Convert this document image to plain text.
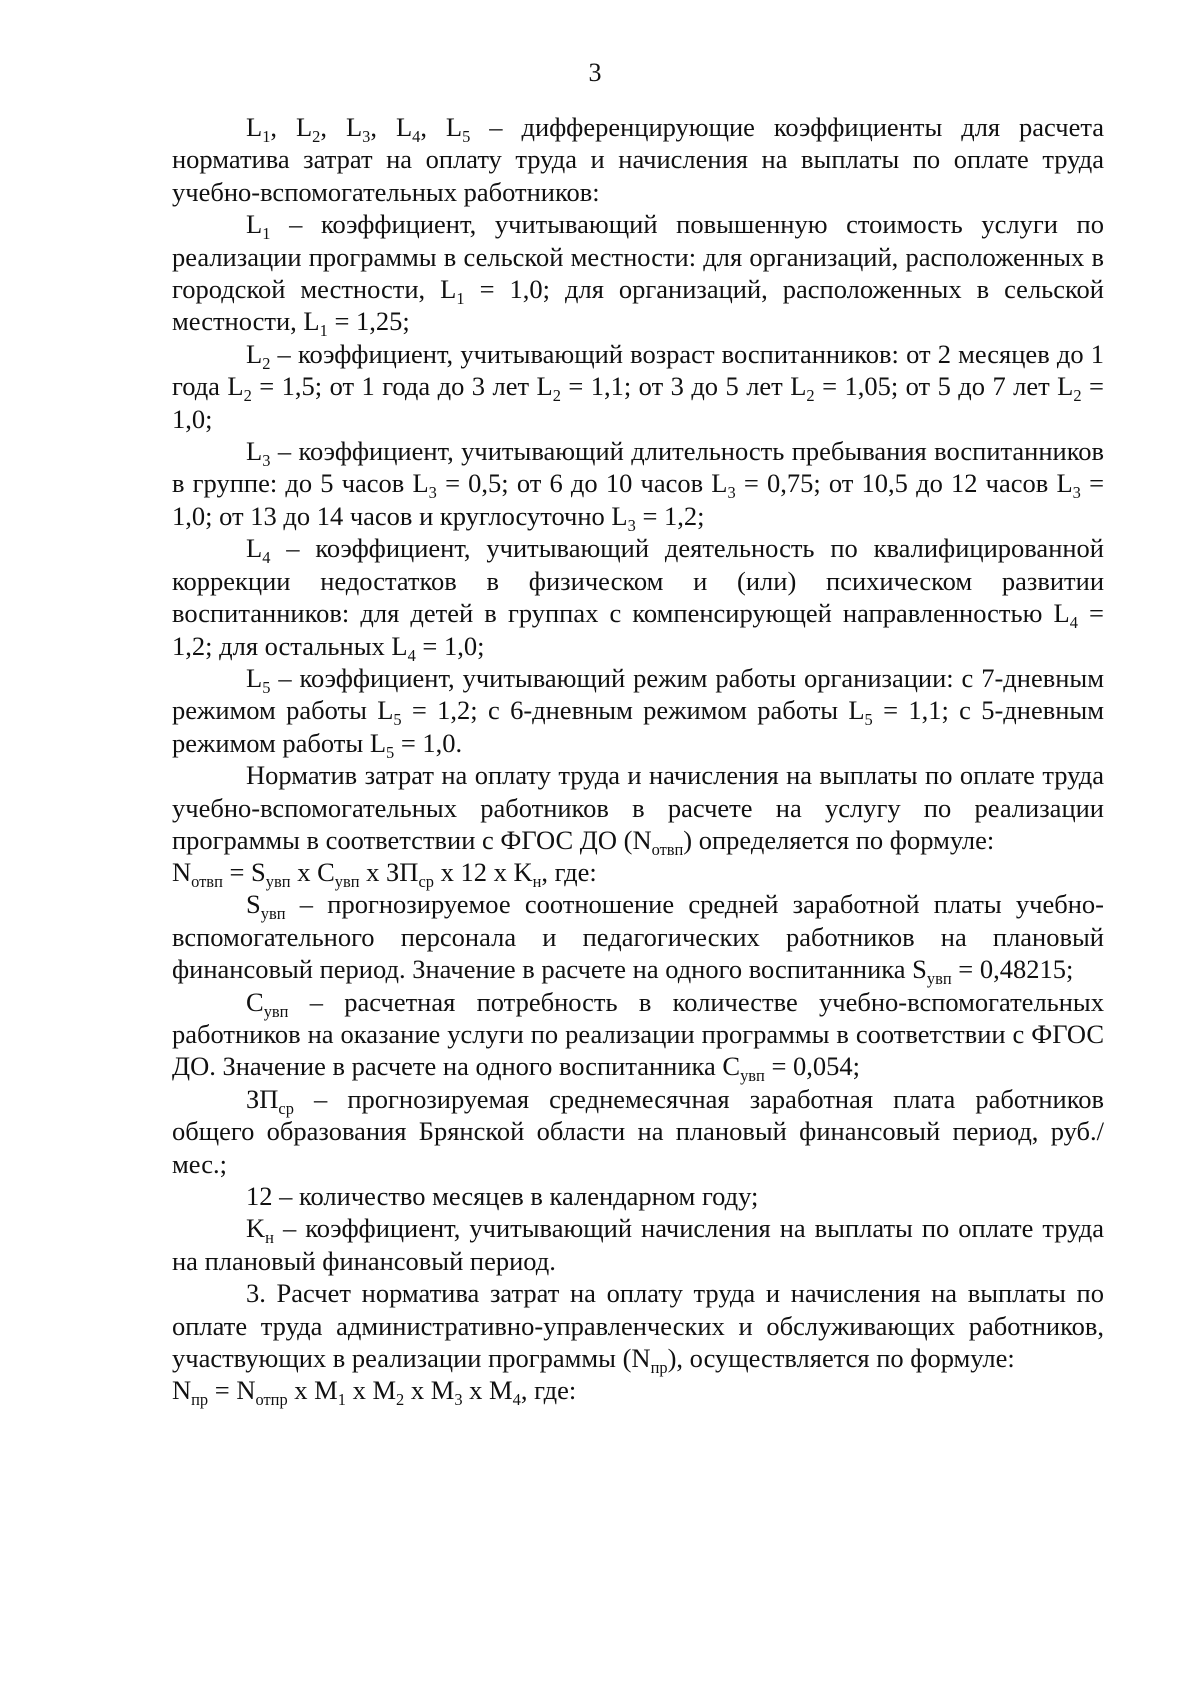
3

$L_1$, $L_2$, $L_3$, $L_4$, $L_5$ – дифференцирующие коэффициенты для расчета норматива затрат на оплату труда и начисления на выплаты по оплате труда учебно-вспомогательных работников:

$L_1$ – коэффициент, учитывающий повышенную стоимость услуги по реализации программы в сельской местности: для организаций, расположенных в городской местности, $L_1 = 1,0$; для организаций, расположенных в сельской местности, $L_1 = 1,25$;

$L_2$ – коэффициент, учитывающий возраст воспитанников: от 2 месяцев до 1 года $L_2 = 1,5$; от 1 года до 3 лет $L_2 = 1,1$; от 3 до 5 лет $L_2 = 1,05$; от 5 до 7 лет $L_2 = 1,0$;

$L_3$ – коэффициент, учитывающий длительность пребывания воспитанников в группе: до 5 часов $L_3 = 0,5$; от 6 до 10 часов $L_3 = 0,75$; от 10,5 до 12 часов $L_3 = 1,0$; от 13 до 14 часов и круглосуточно $L_3 = 1,2$;

$L_4$ – коэффициент, учитывающий деятельность по квалифицированной коррекции недостатков в физическом и (или) психическом развитии воспитанников: для детей в группах с компенсирующей направленностью $L_4 = 1,2$; для остальных $L_4 = 1,0$;

$L_5$ – коэффициент, учитывающий режим работы организации: с 7-дневным режимом работы $L_5 = 1,2$; с 6-дневным режимом работы $L_5 = 1,1$; с 5-дневным режимом работы $L_5 = 1,0$.

Норматив затрат на оплату труда и начисления на выплаты по оплате труда учебно-вспомогательных работников в расчете на услугу по реализации программы в соответствии с ФГОС ДО $(N_{отвп})$ определяется по формуле:

$N_{отвп} = S_{увп}$ x $C_{увп}$ x $ЗП_{ср}$ x 12 x $K_н$, где:

$S_{увп}$ – прогнозируемое соотношение средней заработной платы учебно-вспомогательного персонала и педагогических работников на плановый финансовый период. Значение в расчете на одного воспитанника $S_{увп} = 0,48215$;

$C_{увп}$ – расчетная потребность в количестве учебно-вспомогательных работников на оказание услуги по реализации программы в соответствии с ФГОС ДО. Значение в расчете на одного воспитанника $C_{увп} = 0,054$;

$ЗП_{ср}$ – прогнозируемая среднемесячная заработная плата работников общего образования Брянской области на плановый финансовый период, руб./мес.;

12 – количество месяцев в календарном году;

$K_н$ – коэффициент, учитывающий начисления на выплаты по оплате труда на плановый финансовый период.

3. Расчет норматива затрат на оплату труда и начисления на выплаты по оплате труда административно-управленческих и обслуживающих работников, участвующих в реализации программы $(N_{пр})$, осуществляется по формуле:

$N_{пр} = N_{отпр}$ x $M_1$ x $M_2$ x $M_3$ x $M_4$, где:
